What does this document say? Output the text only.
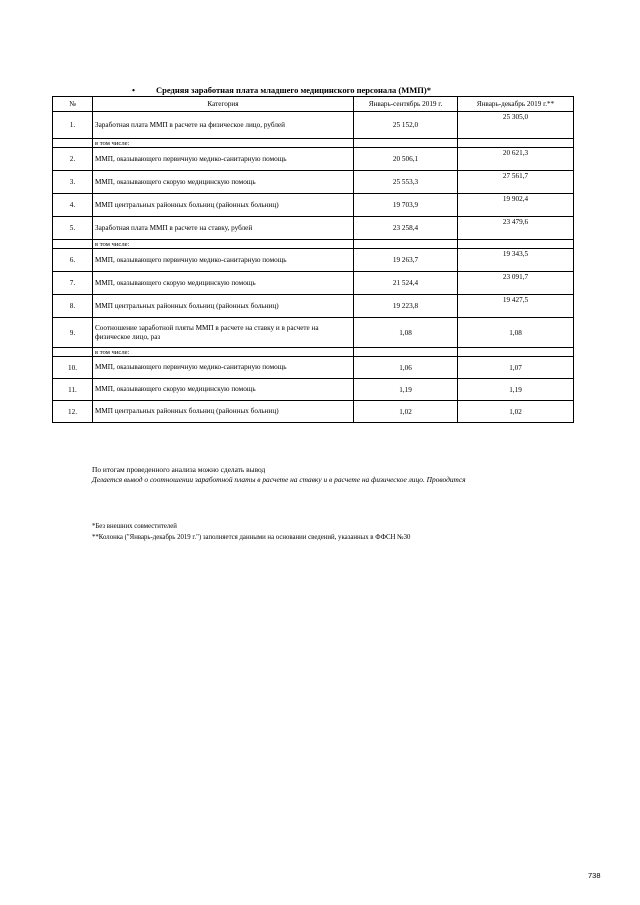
• Средняя заработная плата младшего медицинского персонала (ММП)*
№	Категория	Январь-сентябрь 2019 г.	Январь-декабрь 2019 г.**
1.	Заработная плата ММП в расчете на физическое лицо, рублей	25 152,0	25 305,0
	в том числе:		
2.	ММП, оказывающего первичную медико-санитарную помощь	20 506,1	20 621,3
3.	ММП, оказывающего скорую медицинскую помощь	25 553,3	27 561,7
4.	ММП центральных районных больниц (районных больниц)	19 703,9	19 902,4
5.	Заработная плата ММП в расчете на ставку, рублей	23 258,4	23 479,6
	в том числе:		
6.	ММП, оказывающего первичную медико-санитарную помощь	19 263,7	19 343,5
7.	ММП, оказывающего скорую медицинскую помощь	21 524,4	23 091,7
8.	ММП центральных районных больниц (районных больниц)	19 223,8	19 427,5
9.	Соотношение заработной пляты ММП в расчете на ставку и в расчете на физическое лицо, раз	1,08	1,08
	в том числе:		
10.	ММП, оказывающего первичную медико-санитарную помощь	1,06	1,07
11.	ММП, оказывающего скорую медицинскую помощь	1,19	1,19
12.	ММП центральных районных больниц (районных больниц)	1,02	1,02
По итогам проведенного анализа можно сделать вывод
Делается вывод о соотношении заработной платы в расчете на ставку и в расчете на физическое лицо. Проводится
*Без внешних совместителей
**Колонка ("Январь-декабрь 2019 г.") заполняется данными на основании сведений, указанных в ФФСН №30
738
